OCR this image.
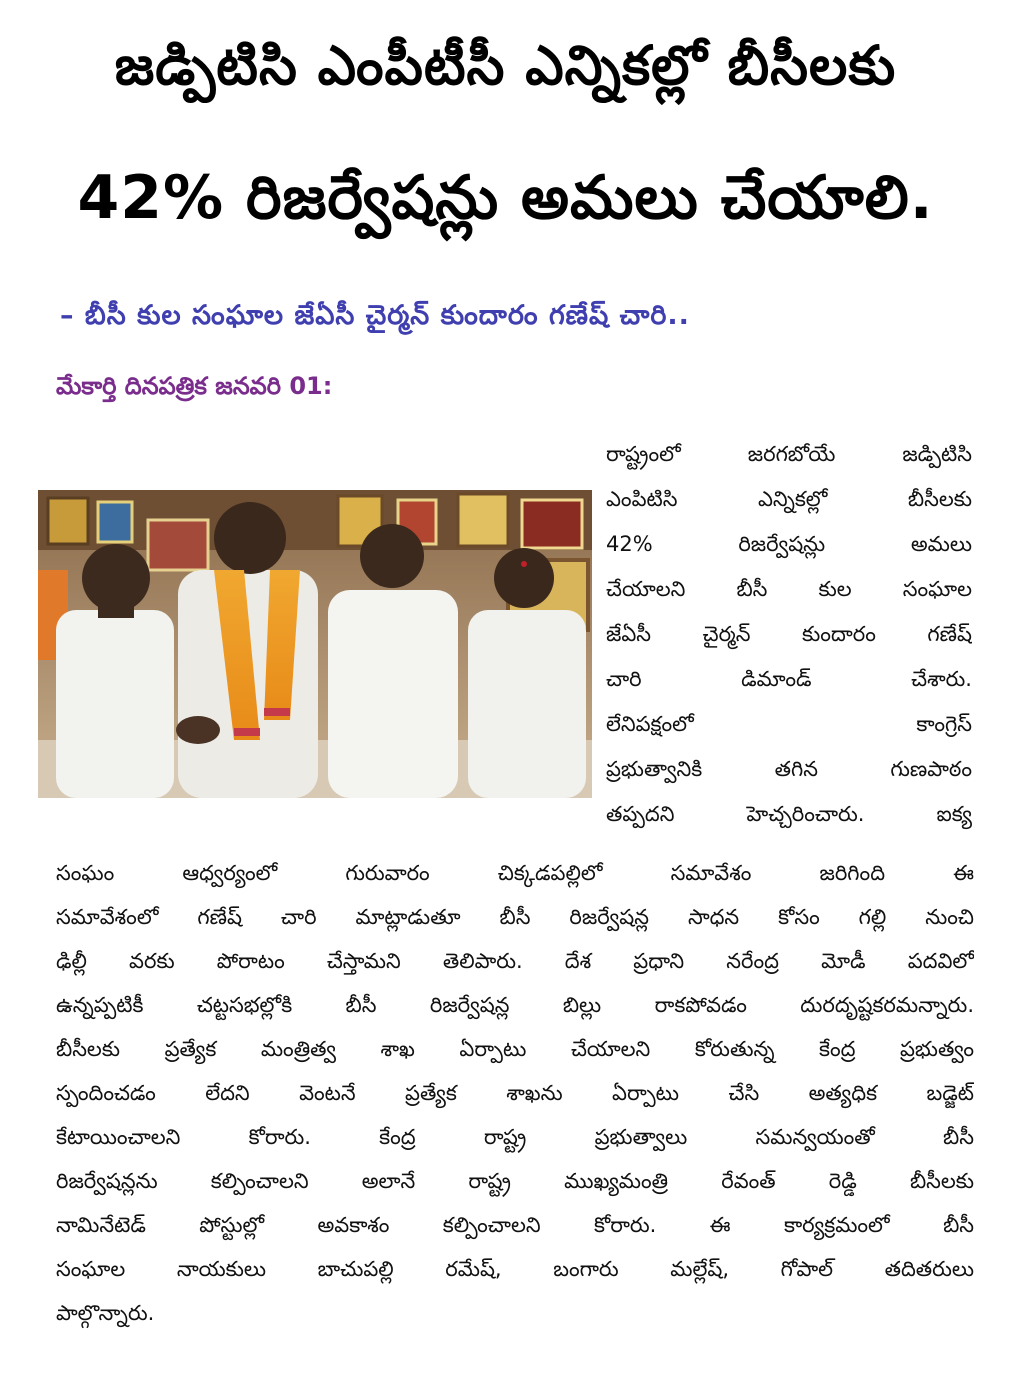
జడ్పిటిసి ఎంపీటీసీ ఎన్నికల్లో బీసీలకు
42% రిజర్వేషన్లు అమలు చేయాలి.
– బీసీ కుల సంఘాల జేఏసీ చైర్మన్ కుందారం గణేష్ చారి..
మేకార్తి దినపత్రిక జనవరి 01:
రాష్ట్రంలో జరగబోయే జడ్పిటిసి
ఎంపిటిసి ఎన్నికల్లో బీసీలకు
42% రిజర్వేషన్లు అమలు
చేయాలని బీసీ కుల సంఘాల
జేఏసీ చైర్మన్ కుందారం గణేష్
చారి డిమాండ్ చేశారు.
లేనిపక్షంలో కాంగ్రెస్
ప్రభుత్వానికి తగిన గుణపాఠం
తప్పదని హెచ్చరించారు. ఐక్య
సంఘం ఆధ్వర్యంలో గురువారం చిక్కడపల్లిలో సమావేశం జరిగింది ఈ
సమావేశంలో గణేష్ చారి మాట్లాడుతూ బీసీ రిజర్వేషన్ల సాధన కోసం గల్లి నుంచి
ఢిల్లీ వరకు పోరాటం చేస్తామని తెలిపారు. దేశ ప్రధాని నరేంద్ర మోడీ పదవిలో
ఉన్నప్పటికీ చట్టసభల్లోకి బీసీ రిజర్వేషన్ల బిల్లు రాకపోవడం దురదృష్టకరమన్నారు.
బీసీలకు ప్రత్యేక మంత్రిత్వ శాఖ ఏర్పాటు చేయాలని కోరుతున్న కేంద్ర ప్రభుత్వం
స్పందించడం లేదని వెంటనే ప్రత్యేక శాఖను ఏర్పాటు చేసి అత్యధిక బడ్జెట్
కేటాయించాలని కోరారు. కేంద్ర రాష్ట్ర ప్రభుత్వాలు సమన్వయంతో బీసీ
రిజర్వేషన్లను కల్పించాలని అలానే రాష్ట్ర ముఖ్యమంత్రి రేవంత్ రెడ్డి బీసీలకు
నామినేటెడ్ పోస్టుల్లో అవకాశం కల్పించాలని కోరారు. ఈ కార్యక్రమంలో బీసీ
సంఘాల నాయకులు బాచుపల్లి రమేష్, బంగారు మల్లేష్, గోపాల్ తదితరులు
పాల్గొన్నారు.
